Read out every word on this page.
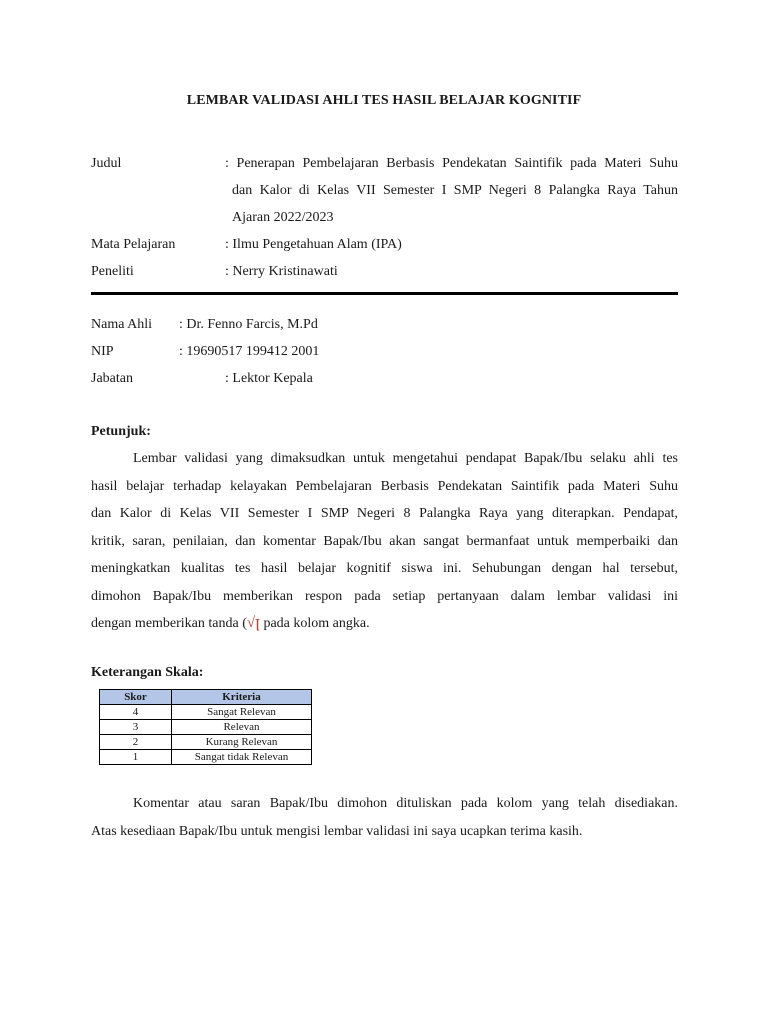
LEMBAR VALIDASI AHLI TES HASIL BELAJAR KOGNITIF
Judul	: Penerapan Pembelajaran Berbasis Pendekatan Saintifik pada Materi Suhu
dan Kalor di Kelas VII Semester I SMP Negeri 8 Palangka Raya Tahun
Ajaran 2022/2023
Mata Pelajaran	: Ilmu Pengetahuan Alam (IPA)
Peneliti	: Nerry Kristinawati
Nama Ahli : Dr. Fenno Farcis, M.Pd
NIP	: 19690517 199412 2001
Jabatan	: Lektor Kepala
Petunjuk:
Lembar validasi yang dimaksudkan untuk mengetahui pendapat Bapak/Ibu selaku ahli tes
hasil belajar terhadap kelayakan Pembelajaran Berbasis Pendekatan Saintifik pada Materi Suhu
dan Kalor di Kelas VII Semester I SMP Negeri 8 Palangka Raya yang diterapkan. Pendapat,
kritik, saran, penilaian, dan komentar Bapak/Ibu akan sangat bermanfaat untuk memperbaiki dan
meningkatkan kualitas tes hasil belajar kognitif siswa ini. Sehubungan dengan hal tersebut,
dimohon Bapak/Ibu memberikan respon pada setiap pertanyaan dalam lembar validasi ini
dengan memberikan tanda (√ꞁ pada kolom angka.
Keterangan Skala:
Skor	Kriteria
4	Sangat Relevan
3	Relevan
2	Kurang Relevan
1	Sangat tidak Relevan
Komentar atau saran Bapak/Ibu dimohon dituliskan pada kolom yang telah disediakan.
Atas kesediaan Bapak/Ibu untuk mengisi lembar validasi ini saya ucapkan terima kasih.
